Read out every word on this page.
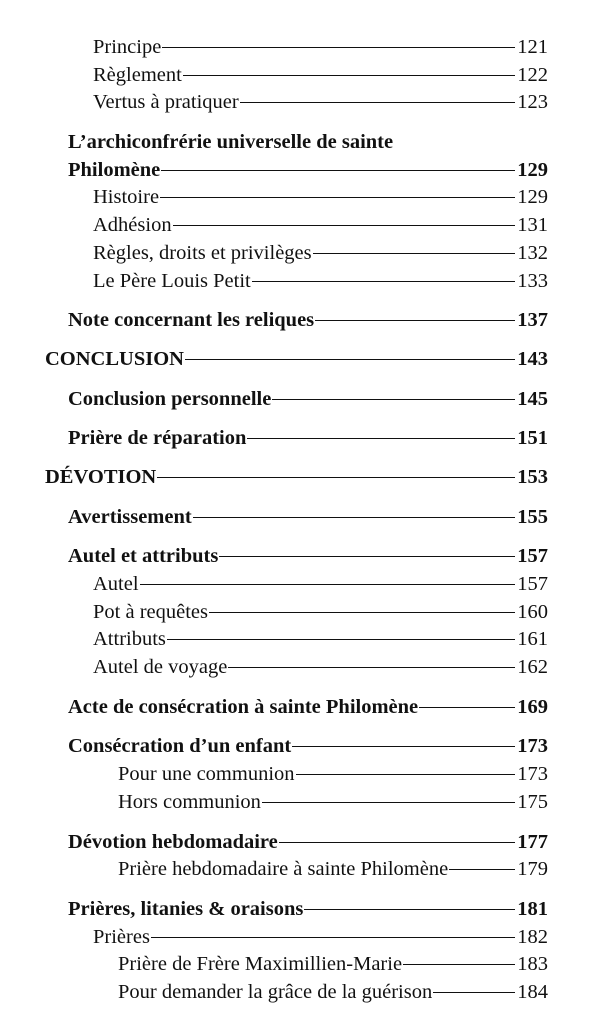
Principe	121
Règlement	122
Vertus à pratiquer	123
L’archiconfrérie universelle de sainte
Philomène	129
Histoire	129
Adhésion	131
Règles, droits et privilèges	132
Le Père Louis Petit	133
Note concernant les reliques	137
CONCLUSION	143
Conclusion personnelle	145
Prière de réparation	151
DÉVOTION	153
Avertissement	155
Autel et attributs	157
Autel	157
Pot à requêtes	160
Attributs	161
Autel de voyage	162
Acte de consécration à sainte Philomène	169
Consécration d’un enfant	173
Pour une communion	173
Hors communion	175
Dévotion hebdomadaire	177
Prière hebdomadaire à sainte Philomène	179
Prières, litanies & oraisons	181
Prières	182
Prière de Frère Maximillien-Marie	183
Pour demander la grâce de la guérison	184
